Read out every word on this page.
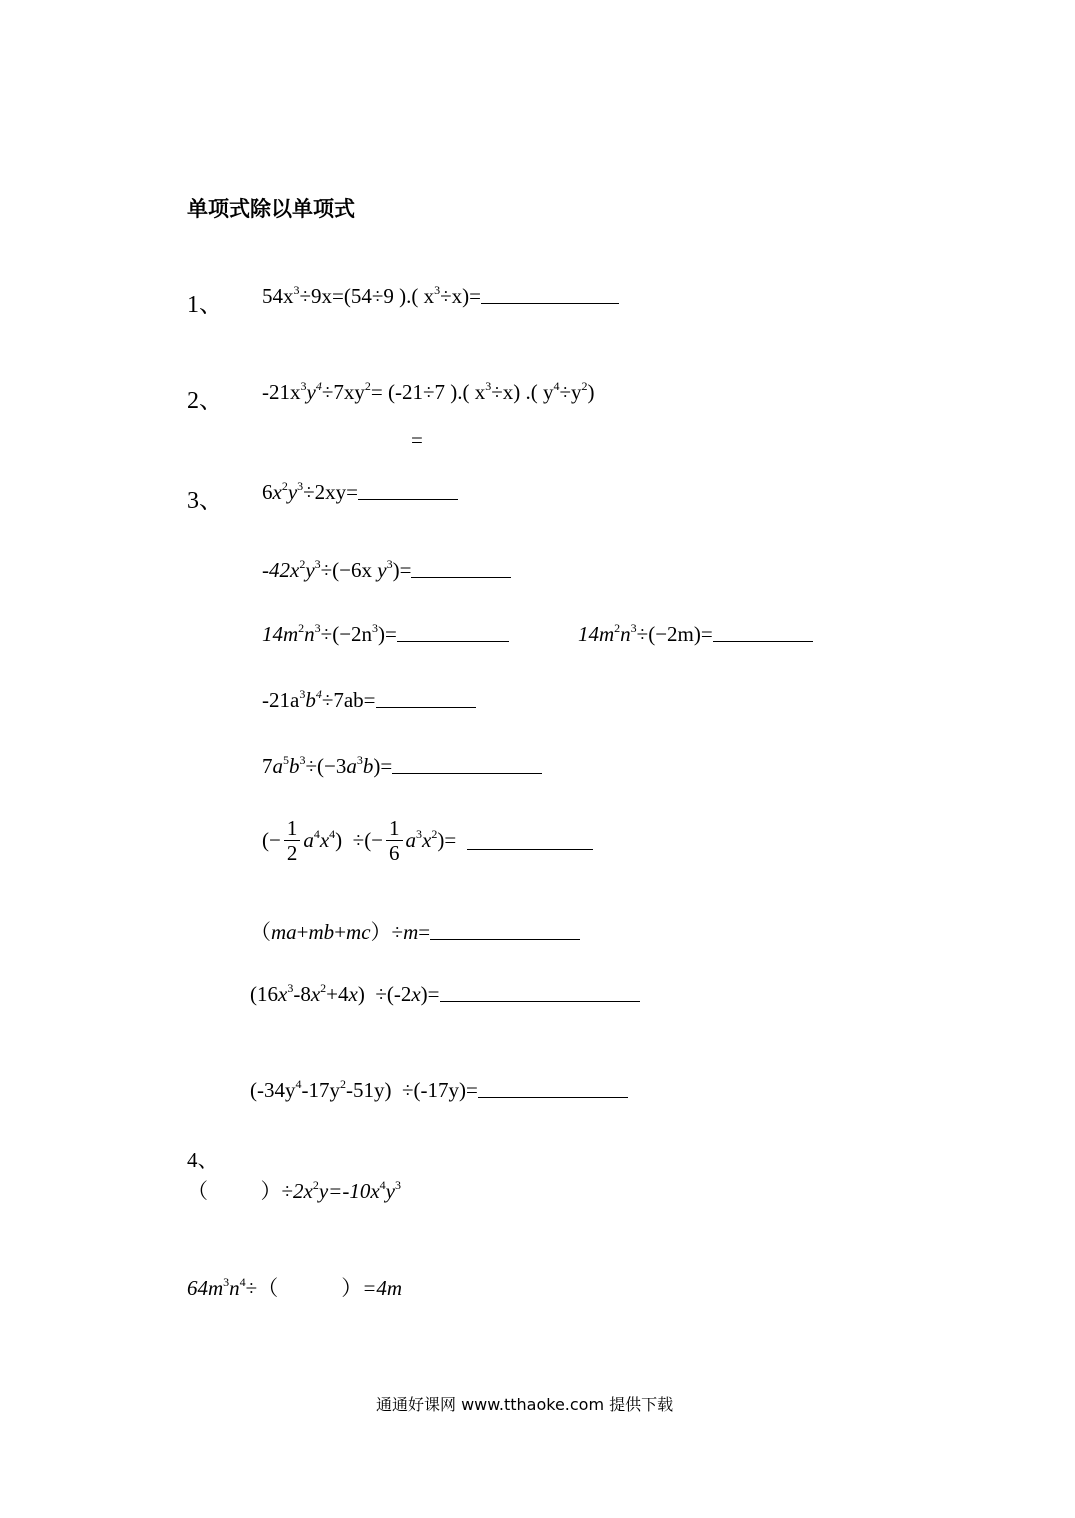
单项式除以单项式
1、 $54x^3\div 9x=(54\div 9$ ).( $x^3\div x)=$
2、 $-21x^3y^4\div 7xy^2= (-21\div 7$ ).( $x^3\div x$) .( $y^4\div y^2$)
=
3、 $6x^2y^3\div 2xy=$
$-42x^2y^3\div(-6x$ $y^3)=$
$14m^2n^3\div(-2n^3)=$	$14m^2n^3\div(-2m)=$
$-21a^3b^4\div 7ab=$
$7a^5b^3\div(-3a^3b)=$
(− $\frac{1}{2} a^4x^4$)  ÷(− $\frac{1}{6} a^3x^2)=$
（ma+mb+mc）÷m=
$(16x^3-8x^2+4x) \div(-2x)=$
$(-34y^4-17y^2-51y) \div(-17y)=$
4、
（          ）$\div 2x^2y=-10x^4y^3$
$64m^3n^4\div$（            ）=4m
通通好课网 www.tthaoke.com 提供下载
